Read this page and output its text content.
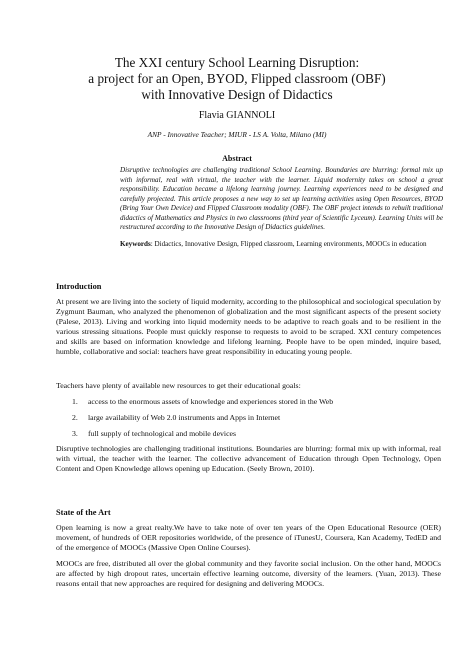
The XXI century School Learning Disruption:
a project for an Open, BYOD, Flipped classroom (OBF)
with Innovative Design of Didactics
Flavia GIANNOLI
ANP - Innovative Teacher; MIUR - LS A. Volta, Milano (MI)
Abstract
Disruptive technologies are challenging traditional School Learning. Boundaries are blurring: formal mix up with informal, real with virtual, the teacher with the learner. Liquid modernity takes on school a great responsibility. Education became a lifelong learning journey. Learning experiences need to be designed and carefully projected. This article proposes a new way to set up learning activities using Open Resources, BYOD (Bring Your Own Device) and Flipped Classroom modality (OBF). The OBF project intends to rebuilt traditional didactics of Mathematics and Physics in two classrooms (third year of Scientific Lyceum). Learning Units will be restructured according to the Innovative Design of Didactics guidelines.
Keywords: Didactics, Innovative Design, Flipped classroom, Learning environments, MOOCs in education
Introduction
At present we are living into the society of liquid modernity, according to the philosophical and sociological speculation by Zygmunt Bauman, who analyzed the phenomenon of globalization and the most significant aspects of the present society (Palese, 2013). Living and working into liquid modernity needs to be adaptive to reach goals and to be resilient in the various stressing situations. People must quickly response to requests to avoid to be scraped. XXI century competences and skills are based on information knowledge and lifelong learning. People have to be open minded, inquire based, humble, collaborative and social: teachers have great responsibility in educating young people.
Teachers have plenty of available new resources to get their educational goals:
1. access to the enormous assets of knowledge and experiences stored in the Web
2. large availability of Web 2.0 instruments and Apps in Internet
3. full supply of technological and mobile devices
Disruptive technologies are challenging traditional institutions. Boundaries are blurring: formal mix up with informal, real with virtual, the teacher with the learner. The collective advancement of Education through Open Technology, Open Content and Open Knowledge allows opening up Education. (Seely Brown, 2010).
State of the Art
Open learning is now a great realty.We have to take note of over ten years of the Open Educational Resource (OER) movement, of hundreds of OER repositories worldwide, of the presence of iTunesU, Coursera, Kan Academy, TedED and of the emergence of MOOCs (Massive Open Online Courses).
MOOCs are free, distributed all over the global community and they favorite social inclusion. On the other hand, MOOCs are affected by high dropout rates, uncertain effective learning outcome, diversity of the learners. (Yuan, 2013). These reasons entail that new approaches are required for designing and delivering MOOCs.
